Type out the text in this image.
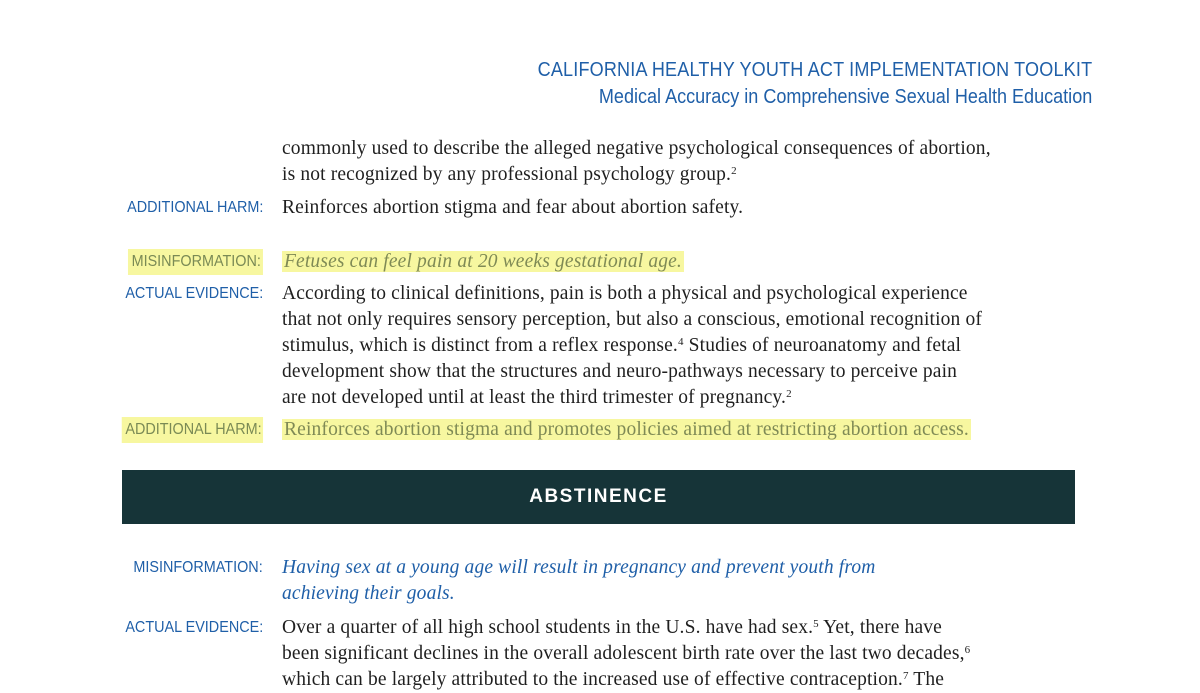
CALIFORNIA HEALTHY YOUTH ACT IMPLEMENTATION TOOLKIT
Medical Accuracy in Comprehensive Sexual Health Education
commonly used to describe the alleged negative psychological consequences of abortion,
is not recognized by any professional psychology group.$^2$
ADDITIONAL HARM: Reinforces abortion stigma and fear about abortion safety.
MISINFORMATION: Fetuses can feel pain at 20 weeks gestational age.
ACTUAL EVIDENCE: According to clinical definitions, pain is both a physical and psychological experience
that not only requires sensory perception, but also a conscious, emotional recognition of
stimulus, which is distinct from a reflex response.$^4$ Studies of neuroanatomy and fetal
development show that the structures and neuro-pathways necessary to perceive pain
are not developed until at least the third trimester of pregnancy.$^2$
ADDITIONAL HARM: Reinforces abortion stigma and promotes policies aimed at restricting abortion access.
ABSTINENCE
MISINFORMATION: Having sex at a young age will result in pregnancy and prevent youth from
achieving their goals.
ACTUAL EVIDENCE: Over a quarter of all high school students in the U.S. have had sex.$^5$ Yet, there have
been significant declines in the overall adolescent birth rate over the last two decades,$^6$
which can be largely attributed to the increased use of effective contraception.$^7$ The
